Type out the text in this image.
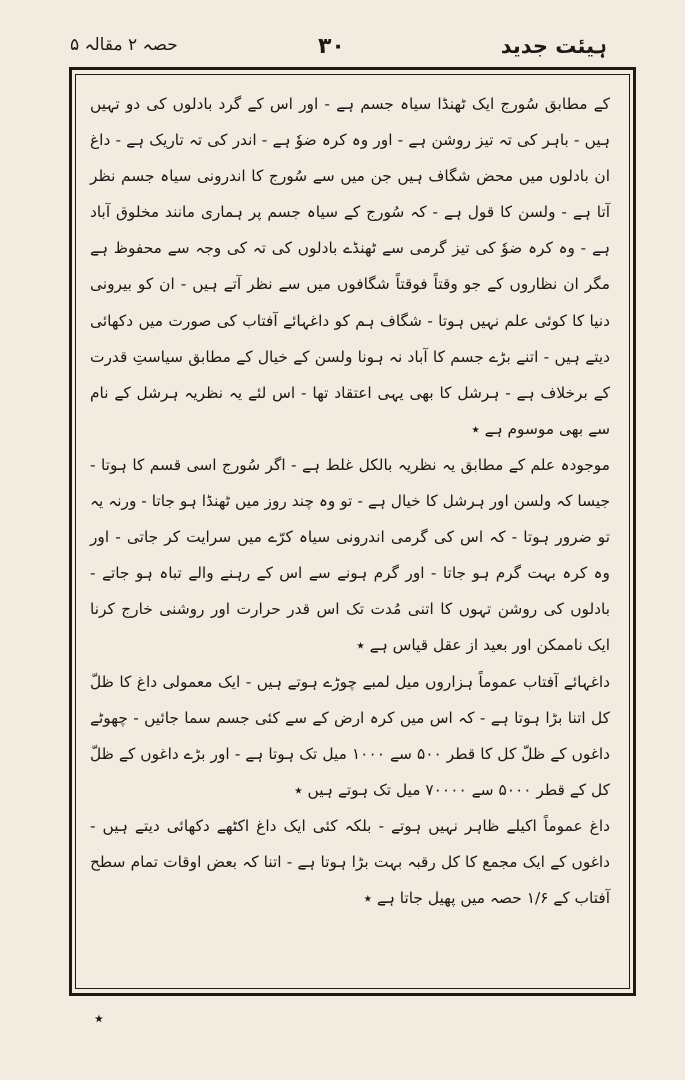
حصہ ۲ مقالہ ۵	۳۰	ہیئت جدید

کے مطابق سُورج ایک ٹھنڈا سیاہ جسم ہے - اور اس کے گرد بادلوں کی دو تہیں ہیں - باہر کی تہ تیز روشن ہے - اور وہ کرہ ضوٗ ہے - اندر کی تہ تاریک ہے - داغ ان بادلوں میں محض شگاف ہیں جن میں سے سُورج کا اندرونی سیاہ جسم نظر آتا ہے - ولسن کا قول ہے - کہ سُورج کے سیاہ جسم پر ہماری مانند مخلوق آباد ہے - وہ کرہ ضوٗ کی تیز گرمی سے ٹھنڈے بادلوں کی تہ کی وجہ سے محفوظ ہے مگر ان نظاروں کے جو وقتاً فوقتاً شگافوں میں سے نظر آتے ہیں - ان کو بیرونی دنیا کا کوئی علم نہیں ہوتا - شگاف ہم کو داغہائے آفتاب کی صورت میں دکھائی دیتے ہیں - اتنے بڑے جسم کا آباد نہ ہونا ولسن کے خیال کے مطابق سیاستِ قدرت کے برخلاف ہے - ہرشل کا بھی یہی اعتقاد تھا - اس لئے یہ نظریہ ہرشل کے نام سے بھی موسوم ہے ٭

موجودہ علم کے مطابق یہ نظریہ بالکل غلط ہے - اگر سُورج اسی قسم کا ہوتا - جیسا کہ ولسن اور ہرشل کا خیال ہے - تو وہ چند روز میں ٹھنڈا ہو جاتا - ورنہ یہ تو ضرور ہوتا - کہ اس کی گرمی اندرونی سیاہ کرّے میں سرایت کر جاتی - اور وہ کرہ بہت گرم ہو جاتا - اور گرم ہونے سے اس کے رہنے والے تباہ ہو جاتے - بادلوں کی روشن تہوں کا اتنی مُدت تک اس قدر حرارت اور روشنی خارج کرنا ایک ناممکن اور بعید از عقل قیاس ہے ٭

داغہائے آفتاب عموماً ہزاروں میل لمبے چوڑے ہوتے ہیں - ایک معمولی داغ کا ظلّ کل اتنا بڑا ہوتا ہے - کہ اس میں کرہ ارض کے سے کئی جسم سما جائیں - چھوٹے داغوں کے ظلّ کل کا قطر ۵۰۰ سے ۱۰۰۰ میل تک ہوتا ہے - اور بڑے داغوں کے ظلّ کل کے قطر ۵۰۰۰ سے ۷۰۰۰۰ میل تک ہوتے ہیں ٭

داغ عموماً اکیلے ظاہر نہیں ہوتے - بلکہ کئی ایک داغ اکٹھے دکھائی دیتے ہیں - داغوں کے ایک مجمع کا کل رقبہ بہت بڑا ہوتا ہے - اتنا کہ بعض اوقات تمام سطح آفتاب کے ۱/۶ حصہ میں پھیل جاتا ہے ٭

٭
